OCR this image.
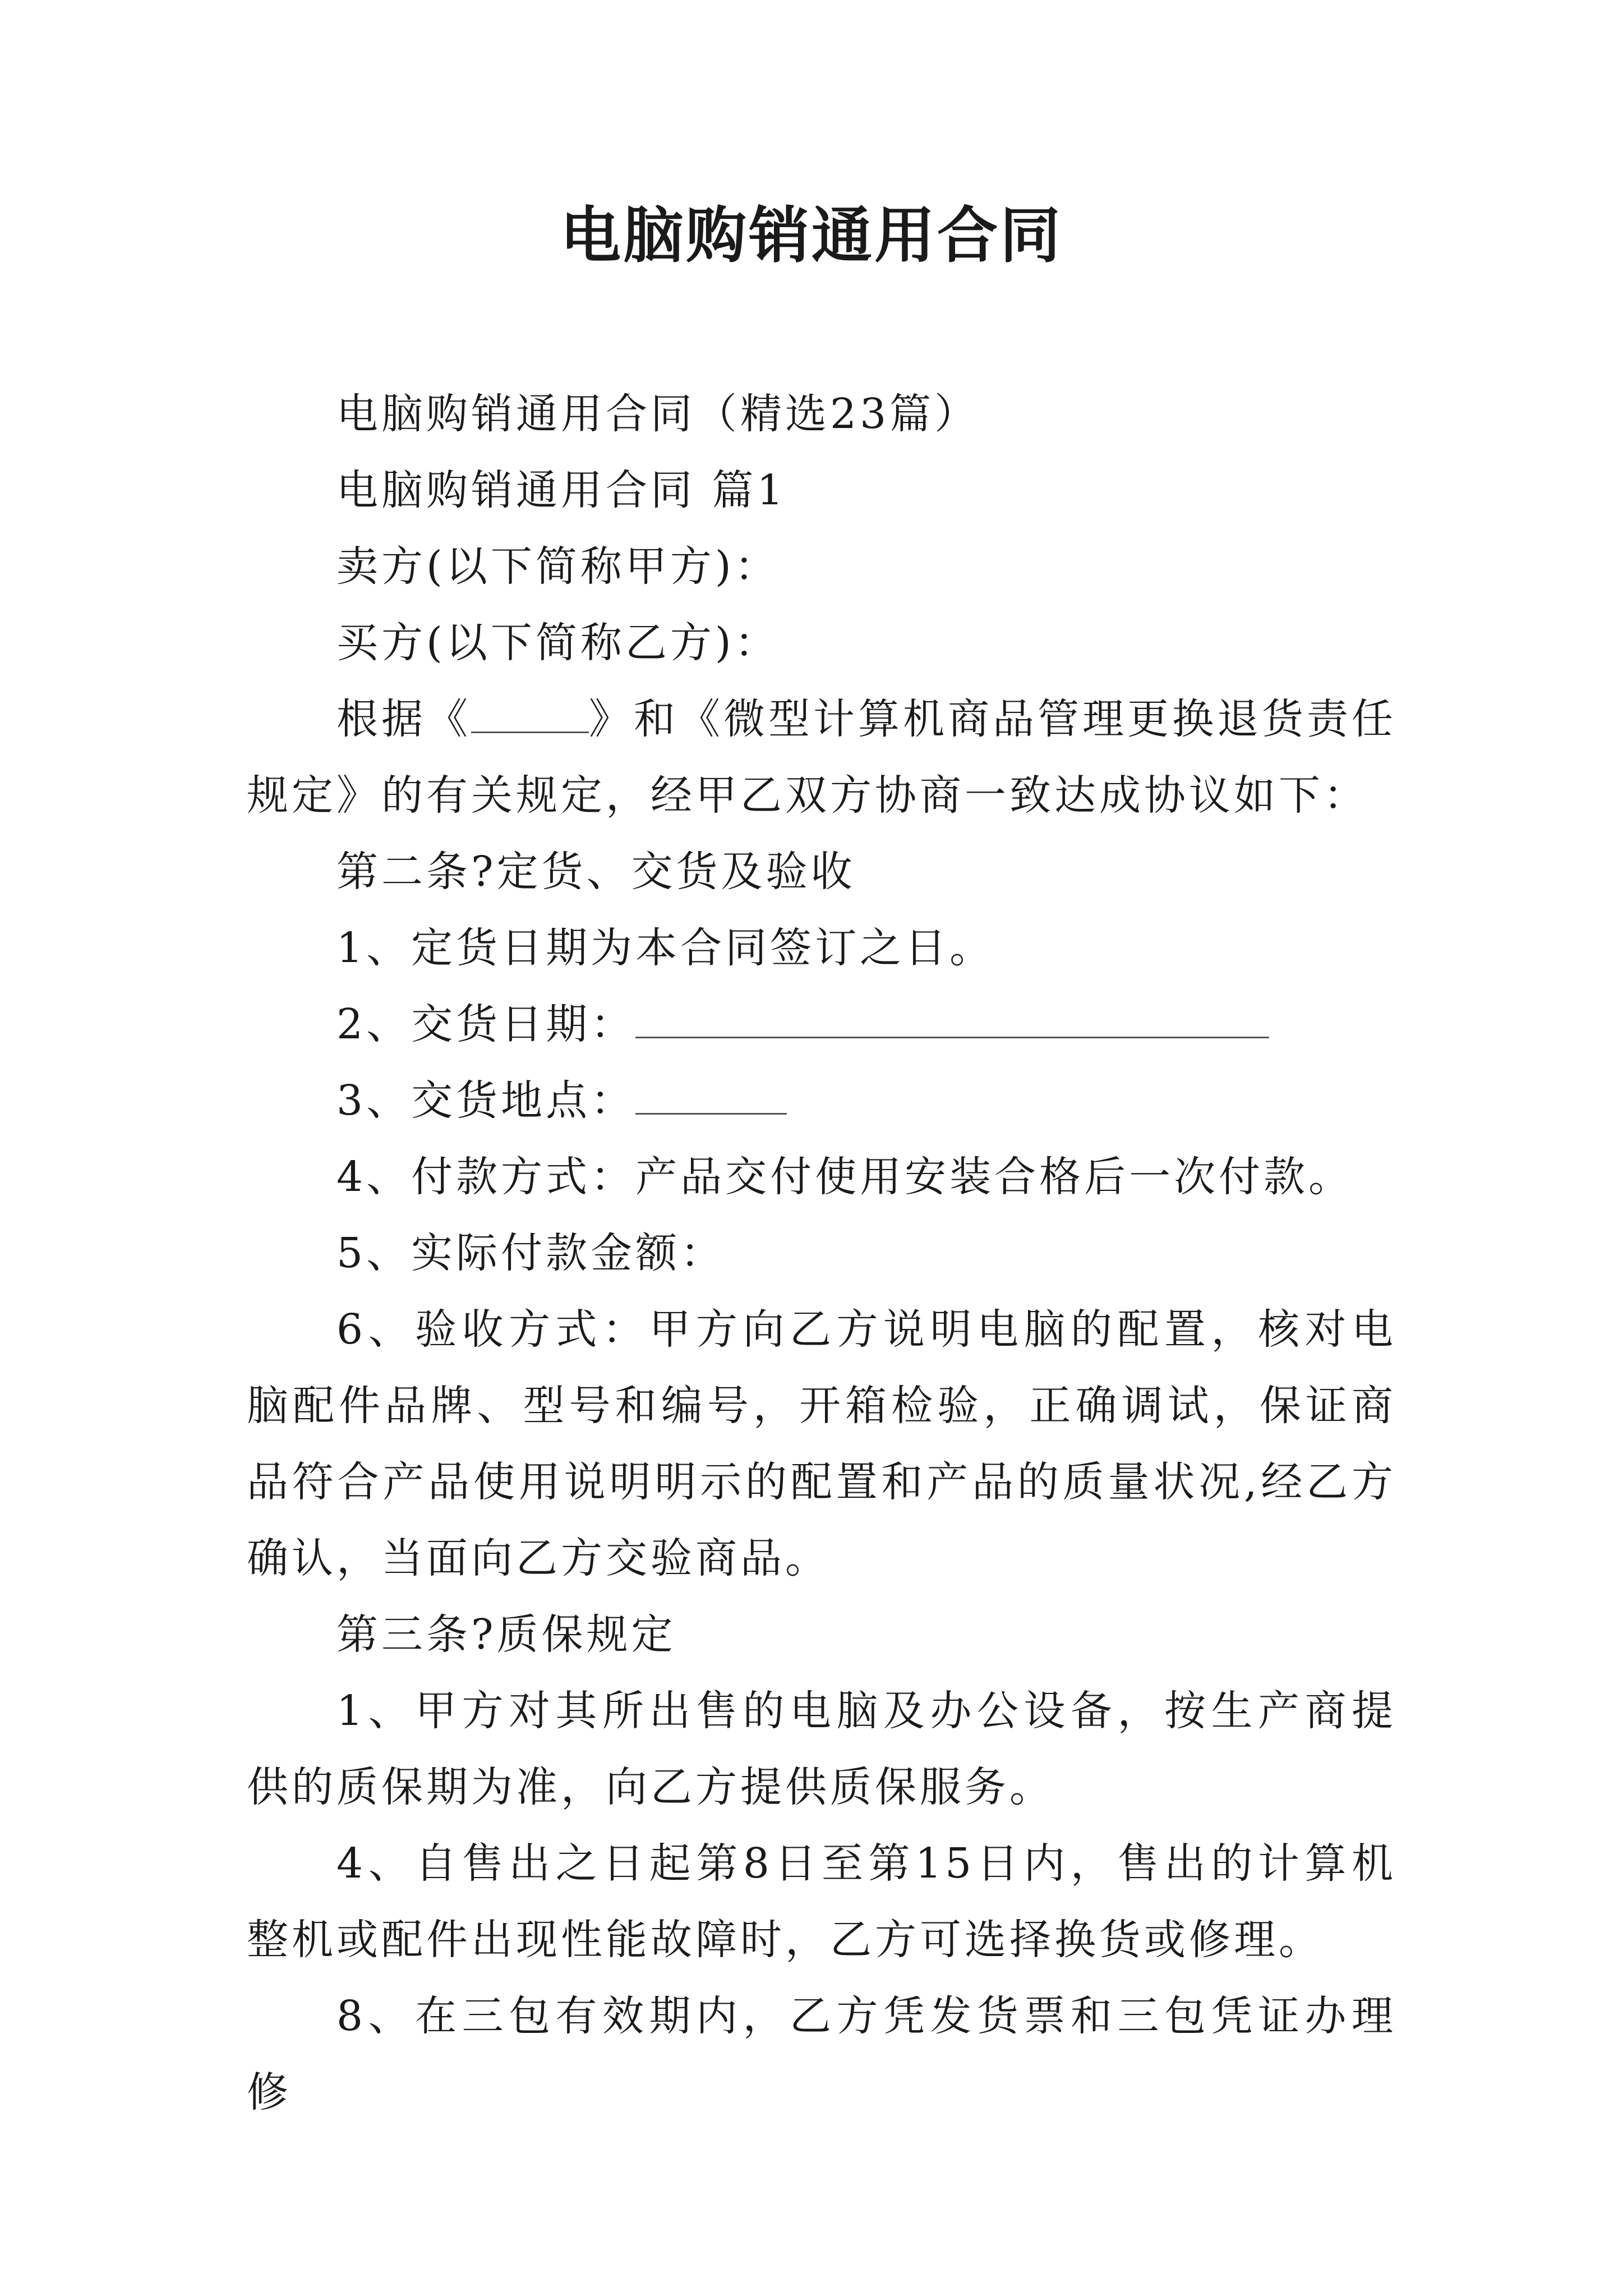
电脑购销通用合同

电脑购销通用合同（精选23篇）

电脑购销通用合同 篇1

卖方(以下简称甲方)：

买方(以下简称乙方)：

根据《	》和《微型计算机商品管理更换退货责任规定》的有关规定，经甲乙双方协商一致达成协议如下：

第二条?定货、交货及验收

1、定货日期为本合同签订之日。

2、交货日期：

3、交货地点：

4、付款方式：产品交付使用安装合格后一次付款。

5、实际付款金额：

6、验收方式：甲方向乙方说明电脑的配置，核对电脑配件品牌、型号和编号，开箱检验，正确调试，保证商品符合产品使用说明明示的配置和产品的质量状况,经乙方确认，当面向乙方交验商品。

第三条?质保规定

1、甲方对其所出售的电脑及办公设备，按生产商提供的质保期为准，向乙方提供质保服务。

4、自售出之日起第8日至第15日内，售出的计算机整机或配件出现性能故障时，乙方可选择换货或修理。

8、在三包有效期内，乙方凭发货票和三包凭证办理修
